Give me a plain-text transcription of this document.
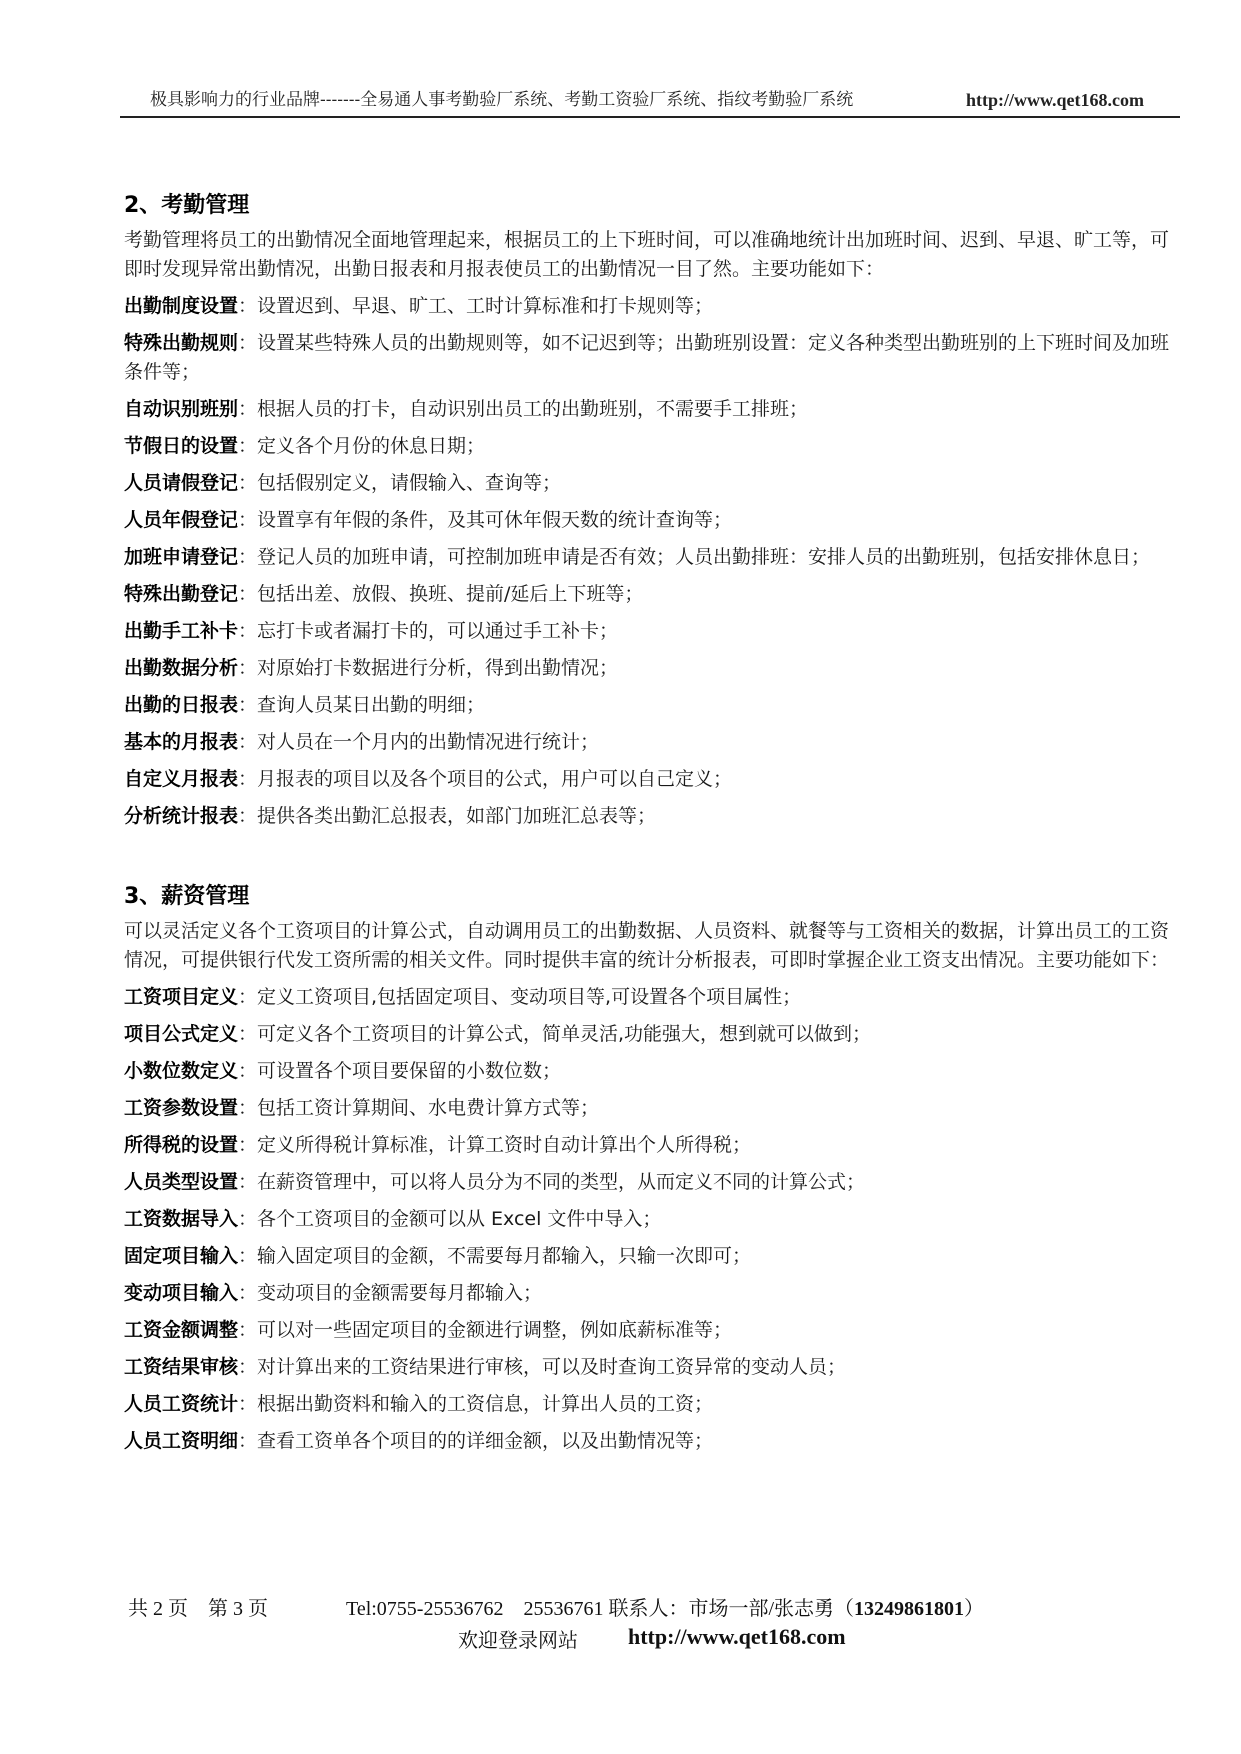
极具影响力的行业品牌-------全易通人事考勤验厂系统、考勤工资验厂系统、指纹考勤验厂系统	http://www.qet168.com
2、考勤管理

考勤管理将员工的出勤情况全面地管理起来，根据员工的上下班时间，可以准确地统计出加班时间、迟到、早退、旷工等，可即时发现异常出勤情况，出勤日报表和月报表使员工的出勤情况一目了然。主要功能如下：

出勤制度设置：设置迟到、早退、旷工、工时计算标准和打卡规则等；

特殊出勤规则：设置某些特殊人员的出勤规则等，如不记迟到等；出勤班别设置：定义各种类型出勤班别的上下班时间及加班条件等；

自动识别班别：根据人员的打卡，自动识别出员工的出勤班别，不需要手工排班；

节假日的设置：定义各个月份的休息日期；

人员请假登记：包括假别定义，请假输入、查询等；

人员年假登记：设置享有年假的条件，及其可休年假天数的统计查询等；

加班申请登记：登记人员的加班申请，可控制加班申请是否有效；人员出勤排班：安排人员的出勤班别，包括安排休息日；

特殊出勤登记：包括出差、放假、换班、提前/延后上下班等；

出勤手工补卡：忘打卡或者漏打卡的，可以通过手工补卡；

出勤数据分析：对原始打卡数据进行分析，得到出勤情况；

出勤的日报表：查询人员某日出勤的明细；

基本的月报表：对人员在一个月内的出勤情况进行统计；

自定义月报表：月报表的项目以及各个项目的公式，用户可以自己定义；

分析统计报表：提供各类出勤汇总报表，如部门加班汇总表等；

3、薪资管理

可以灵活定义各个工资项目的计算公式，自动调用员工的出勤数据、人员资料、就餐等与工资相关的数据，计算出员工的工资情况，可提供银行代发工资所需的相关文件。同时提供丰富的统计分析报表，可即时掌握企业工资支出情况。主要功能如下：

工资项目定义：定义工资项目,包括固定项目、变动项目等,可设置各个项目属性；

项目公式定义：可定义各个工资项目的计算公式，简单灵活,功能强大，想到就可以做到；

小数位数定义：可设置各个项目要保留的小数位数；

工资参数设置：包括工资计算期间、水电费计算方式等；

所得税的设置：定义所得税计算标准，计算工资时自动计算出个人所得税；

人员类型设置：在薪资管理中，可以将人员分为不同的类型，从而定义不同的计算公式；

工资数据导入：各个工资项目的金额可以从 Excel 文件中导入；

固定项目输入：输入固定项目的金额，不需要每月都输入，只输一次即可；

变动项目输入：变动项目的金额需要每月都输入；

工资金额调整：可以对一些固定项目的金额进行调整，例如底薪标准等；

工资结果审核：对计算出来的工资结果进行审核，可以及时查询工资异常的变动人员；

人员工资统计：根据出勤资料和输入的工资信息，计算出人员的工资；

人员工资明细：查看工资单各个项目的的详细金额，以及出勤情况等；

共 2 页　第 3 页	Tel:0755-25536762　25536761 联系人：市场一部/张志勇（13249861801）
欢迎登录网站 http://www.qet168.com
